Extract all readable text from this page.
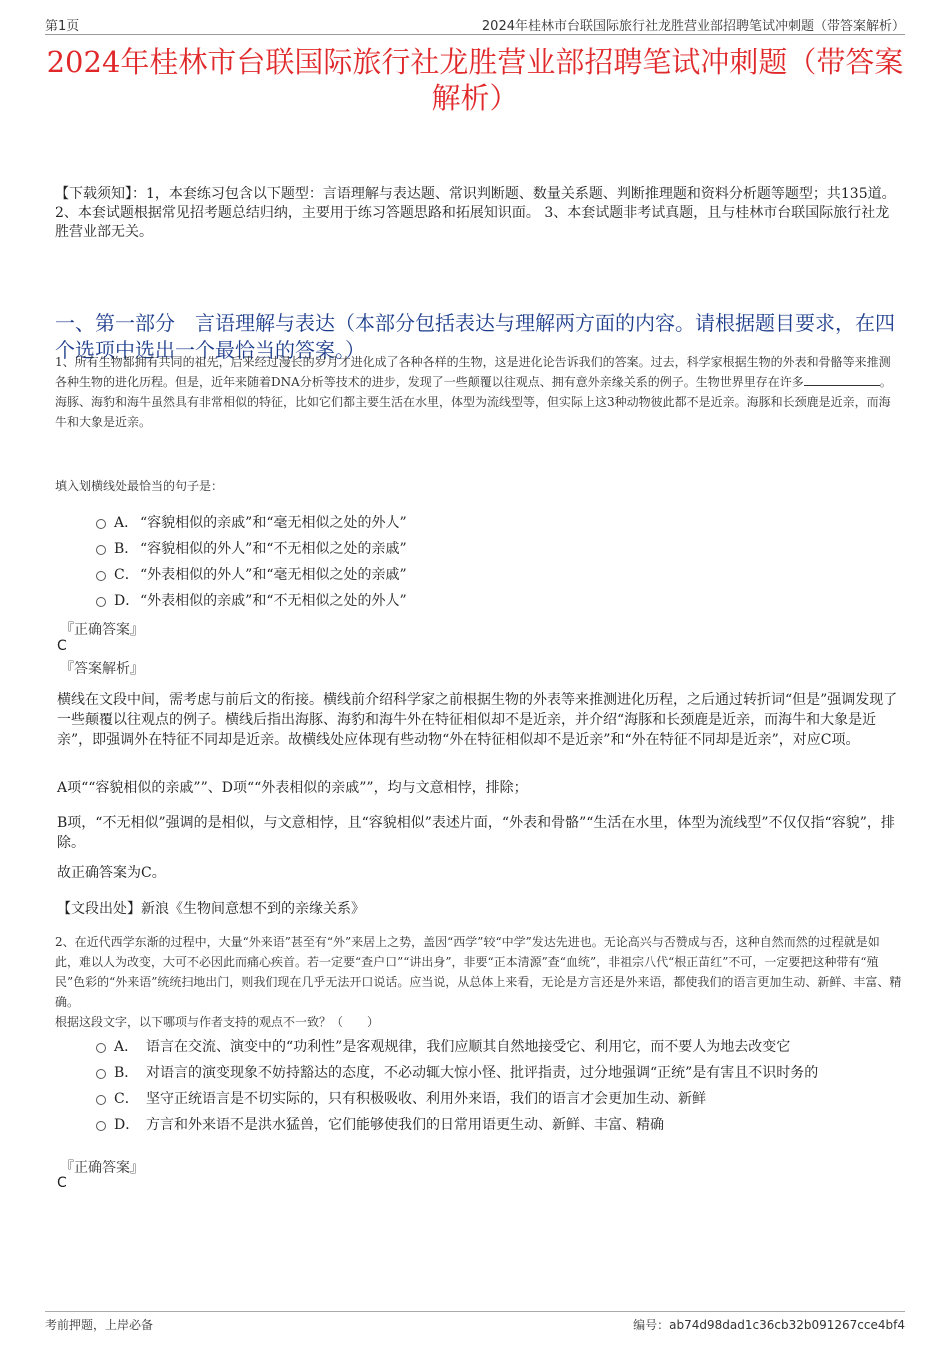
第1页	2024年桂林市台联国际旅行社龙胜营业部招聘笔试冲刺题（带答案解析）
2024年桂林市台联国际旅行社龙胜营业部招聘笔试冲刺题（带答案解析）
【下载须知】：1，本套练习包含以下题型：言语理解与表达题、常识判断题、数量关系题、判断推理题和资料分析题等题型；共135道。 2、本套试题根据常见招考题总结归纳，主要用于练习答题思路和拓展知识面。 3、本套试题非考试真题，且与桂林市台联国际旅行社龙胜营业部无关。
一、第一部分　言语理解与表达（本部分包括表达与理解两方面的内容。请根据题目要求，在四个选项中选出一个最恰当的答案。）
1、所有生物都拥有共同的祖先，后来经过漫长的岁月才进化成了各种各样的生物，这是进化论告诉我们的答案。过去，科学家根据生物的外表和骨骼等来推测各种生物的进化历程。但是，近年来随着DNA分析等技术的进步，发现了一些颠覆以往观点、拥有意外亲缘关系的例子。生物世界里存在许多	。海豚、海豹和海牛虽然具有非常相似的特征，比如它们都主要生活在水里，体型为流线型等，但实际上这3种动物彼此都不是近亲。海豚和长颈鹿是近亲，而海牛和大象是近亲。
填入划横线处最恰当的句子是：
A． “容貌相似的亲戚”和“毫无相似之处的外人”
B． “容貌相似的外人”和“不无相似之处的亲戚”
C． “外表相似的外人”和“毫无相似之处的亲戚”
D． “外表相似的亲戚”和“不无相似之处的外人”
『正确答案』
C
『答案解析』
横线在文段中间，需考虑与前后文的衔接。横线前介绍科学家之前根据生物的外表等来推测进化历程，之后通过转折词“但是”强调发现了一些颠覆以往观点的例子。横线后指出海豚、海豹和海牛外在特征相似却不是近亲，并介绍“海豚和长颈鹿是近亲，而海牛和大象是近亲”，即强调外在特征不同却是近亲。故横线处应体现有些动物“外在特征相似却不是近亲”和“外在特征不同却是近亲”，对应C项。
A项““容貌相似的亲戚””、D项““外表相似的亲戚””，均与文意相悖，排除；
B项，“不无相似”强调的是相似，与文意相悖，且“容貌相似”表述片面，“外表和骨骼”“生活在水里，体型为流线型”不仅仅指“容貌”，排除。
故正确答案为C。
【文段出处】新浪《生物间意想不到的亲缘关系》
2、在近代西学东渐的过程中，大量“外来语”甚至有“外”来居上之势，盖因“西学”较“中学”发达先进也。无论高兴与否赞成与否，这种自然而然的过程就是如此，难以人为改变，大可不必因此而痛心疾首。若一定要“查户口”“讲出身”，非要“正本清源”查“血统”，非祖宗八代“根正苗红”不可，一定要把这种带有“殖民”色彩的“外来语”统统扫地出门，则我们现在几乎无法开口说话。应当说，从总体上来看，无论是方言还是外来语，都使我们的语言更加生动、新鲜、丰富、精确。
根据这段文字，以下哪项与作者支持的观点不一致？（　　）
A． 语言在交流、演变中的“功利性”是客观规律，我们应顺其自然地接受它、利用它，而不要人为地去改变它
B． 对语言的演变现象不妨持豁达的态度，不必动辄大惊小怪、批评指责，过分地强调“正统”是有害且不识时务的
C． 坚守正统语言是不切实际的，只有积极吸收、利用外来语，我们的语言才会更加生动、新鲜
D． 方言和外来语不是洪水猛兽，它们能够使我们的日常用语更生动、新鲜、丰富、精确
『正确答案』
C
考前押题，上岸必备	编号：ab74d98dad1c36cb32b091267cce4bf4
